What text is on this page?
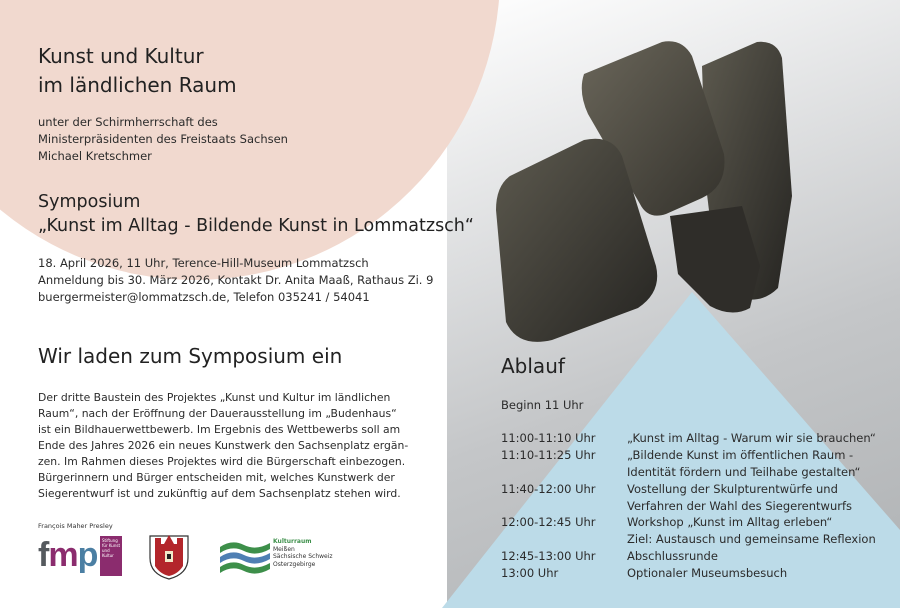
Kunst und Kultur
im ländlichen Raum
unter der Schirmherrschaft des
Ministerpräsidenten des Freistaats Sachsen
Michael Kretschmer
Symposium
„Kunst im Alltag - Bildende Kunst in Lommatzsch“
18. April 2026, 11 Uhr, Terence-Hill-Museum Lommatzsch
Anmeldung bis 30. März 2026, Kontakt Dr. Anita Maaß, Rathaus Zi. 9
buergermeister@lommatzsch.de, Telefon 035241 / 54041
Wir laden zum Symposium ein
Der dritte Baustein des Projektes „Kunst und Kultur im ländlichen
Raum“, nach der Eröffnung der Dauerausstellung im „Budenhaus“
ist ein Bildhauerwettbewerb. Im Ergebnis des Wettbewerbs soll am
Ende des Jahres 2026 ein neues Kunstwerk den Sachsenplatz ergän-
zen. Im Rahmen dieses Projektes wird die Bürgerschaft einbezogen.
Bürgerinnern und Bürger entscheiden mit, welches Kunstwerk der
Siegerentwurf ist und zukünftig auf dem Sachsenplatz stehen wird.
Ablauf
Beginn 11 Uhr
11:00-11:10 Uhr
11:10-11:25 Uhr
11:40-12:00 Uhr
12:00-12:45 Uhr
12:45-13:00 Uhr
13:00 Uhr
„Kunst im Alltag - Warum wir sie brauchen“
„Bildende Kunst im öffentlichen Raum -
Identität fördern und Teilhabe gestalten“
Vostellung der Skulpturentwürfe und
Verfahren der Wahl des Siegerentwurfs
Workshop „Kunst im Alltag erleben“
Ziel: Austausch und gemeinsame Reflexion
Abschlussrunde
Optionaler Museumsbesuch
François Maher Presley
fmp	Stiftung für Kunst und Kultur
Kulturraum
Meißen
Sächsische Schweiz
Osterzgebirge
